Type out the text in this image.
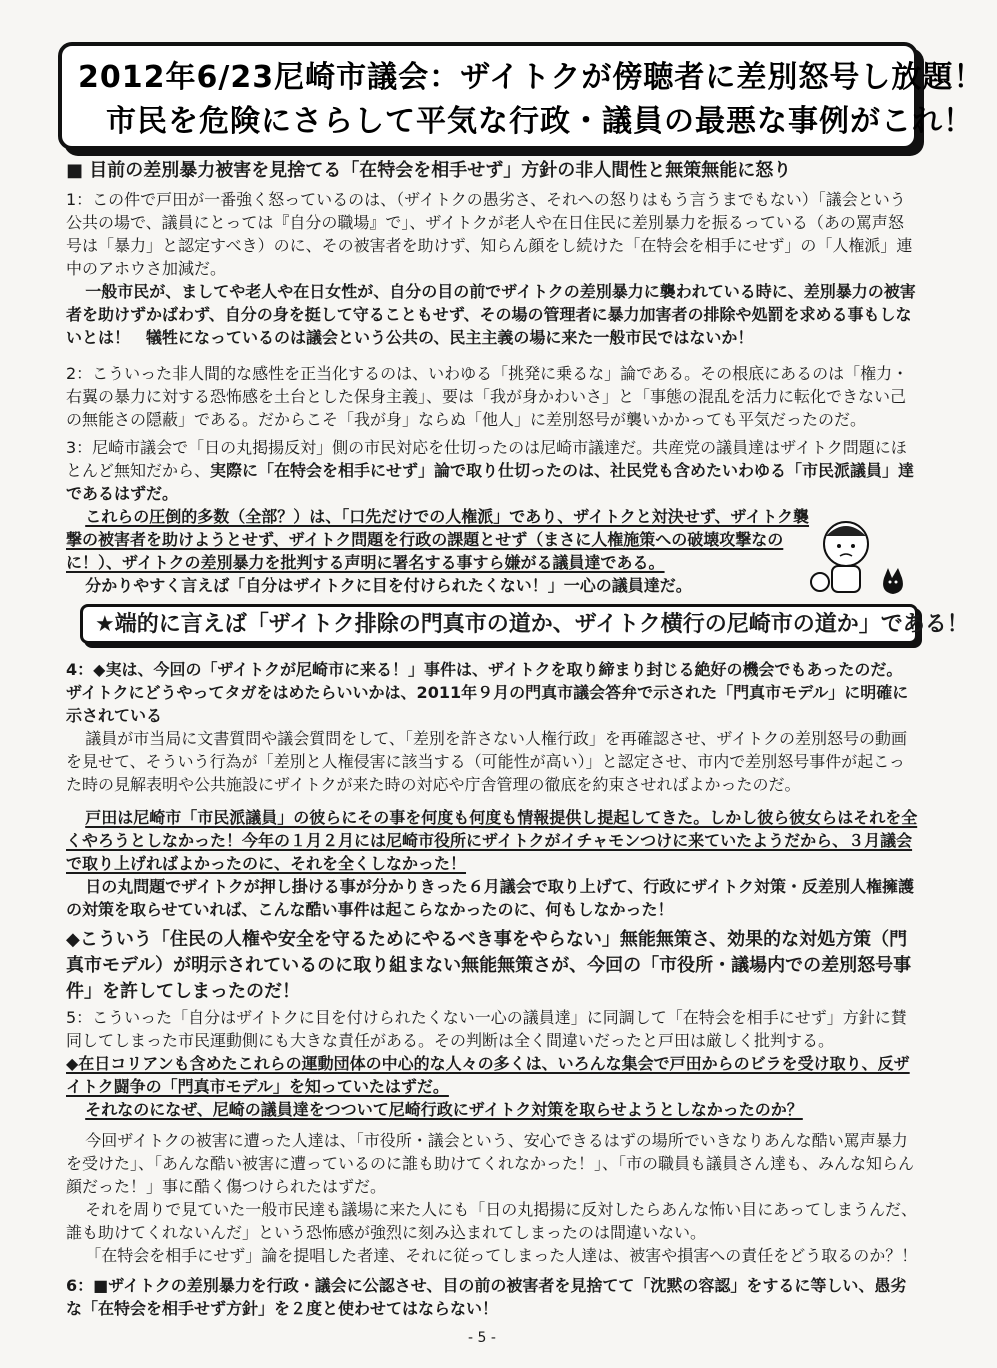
2012年6/23尼崎市議会：ザイトクが傍聴者に差別怒号し放題！
市民を危険にさらして平気な行政・議員の最悪な事例がこれ！
■ 目前の差別暴力被害を見捨てる「在特会を相手せず」方針の非人間性と無策無能に怒り
1：この件で戸田が一番強く怒っているのは、（ザイトクの愚劣さ、それへの怒りはもう言うまでもない）「議会という公共の場で、議員にとっては『自分の職場』で」、ザイトクが老人や在日住民に差別暴力を振るっている（あの罵声怒号は「暴力」と認定すべき）のに、その被害者を助けず、知らん顔をし続けた「在特会を相手にせず」の「人権派」連中のアホウさ加減だ。
一般市民が、ましてや老人や在日女性が、自分の目の前でザイトクの差別暴力に襲われている時に、差別暴力の被害者を助けずかばわず、自分の身を挺して守ることもせず、その場の管理者に暴力加害者の排除や処罰を求める事もしないとは！　犠牲になっているのは議会という公共の、民主主義の場に来た一般市民ではないか！
2：こういった非人間的な感性を正当化するのは、いわゆる「挑発に乗るな」論である。その根底にあるのは「権力・右翼の暴力に対する恐怖感を土台とした保身主義」、要は「我が身かわいさ」と「事態の混乱を活力に転化できない己の無能さの隠蔽」である。だからこそ「我が身」ならぬ「他人」に差別怒号が襲いかかっても平気だったのだ。
3：尼崎市議会で「日の丸掲揚反対」側の市民対応を仕切ったのは尼崎市議達だ。共産党の議員達はザイトク問題にほとんど無知だから、実際に「在特会を相手にせず」論で取り仕切ったのは、社民党も含めたいわゆる「市民派議員」達であるはずだ。
これらの圧倒的多数（全部？）は、「口先だけでの人権派」であり、ザイトクと対決せず、ザイトク襲撃の被害者を助けようとせず、ザイトク問題を行政の課題とせず（まさに人権施策への破壊攻撃なのに！）、ザイトクの差別暴力を批判する声明に署名する事すら嫌がる議員達である。
分かりやすく言えば「自分はザイトクに目を付けられたくない！」一心の議員達だ。
★端的に言えば「ザイトク排除の門真市の道か、ザイトク横行の尼崎市の道か」である！
4：◆実は、今回の「ザイトクが尼崎市に来る！」事件は、ザイトクを取り締まり封じる絶好の機会でもあったのだ。ザイトクにどうやってタガをはめたらいいかは、2011年９月の門真市議会答弁で示された「門真市モデル」に明確に示されている
議員が市当局に文書質問や議会質問をして、「差別を許さない人権行政」を再確認させ、ザイトクの差別怒号の動画を見せて、そういう行為が「差別と人権侵害に該当する（可能性が高い）」と認定させ、市内で差別怒号事件が起こった時の見解表明や公共施設にザイトクが来た時の対応や庁舎管理の徹底を約束させればよかったのだ。
戸田は尼崎市「市民派議員」の彼らにその事を何度も何度も情報提供し提起してきた。しかし彼ら彼女らはそれを全くやろうとしなかった！今年の１月２月には尼崎市役所にザイトクがイチャモンつけに来ていたようだから、３月議会で取り上げればよかったのに、それを全くしなかった！
日の丸問題でザイトクが押し掛ける事が分かりきった６月議会で取り上げて、行政にザイトク対策・反差別人権擁護の対策を取らせていれば、こんな酷い事件は起こらなかったのに、何もしなかった！
◆こういう「住民の人権や安全を守るためにやるべき事をやらない」無能無策さ、効果的な対処方策（門真市モデル）が明示されているのに取り組まない無能無策さが、今回の「市役所・議場内での差別怒号事件」を許してしまったのだ！
5：こういった「自分はザイトクに目を付けられたくない一心の議員達」に同調して「在特会を相手にせず」方針に賛同してしまった市民運動側にも大きな責任がある。その判断は全く間違いだったと戸田は厳しく批判する。
◆在日コリアンも含めたこれらの運動団体の中心的な人々の多くは、いろんな集会で戸田からのビラを受け取り、反ザイトク闘争の「門真市モデル」を知っていたはずだ。
それなのになぜ、尼崎の議員達をつついて尼崎行政にザイトク対策を取らせようとしなかったのか？
今回ザイトクの被害に遭った人達は、「市役所・議会という、安心できるはずの場所でいきなりあんな酷い罵声暴力を受けた」、「あんな酷い被害に遭っているのに誰も助けてくれなかった！」、「市の職員も議員さん達も、みんな知らん顔だった！」事に酷く傷つけられたはずだ。
それを周りで見ていた一般市民達も議場に来た人にも「日の丸掲揚に反対したらあんな怖い目にあってしまうんだ、誰も助けてくれないんだ」という恐怖感が強烈に刻み込まれてしまったのは間違いない。
「在特会を相手にせず」論を提唱した者達、それに従ってしまった人達は、被害や損害への責任をどう取るのか？！
6：■ザイトクの差別暴力を行政・議会に公認させ、目の前の被害者を見捨てて「沈黙の容認」をするに等しい、愚劣な「在特会を相手せず方針」を２度と使わせてはならない！
- 5 -
